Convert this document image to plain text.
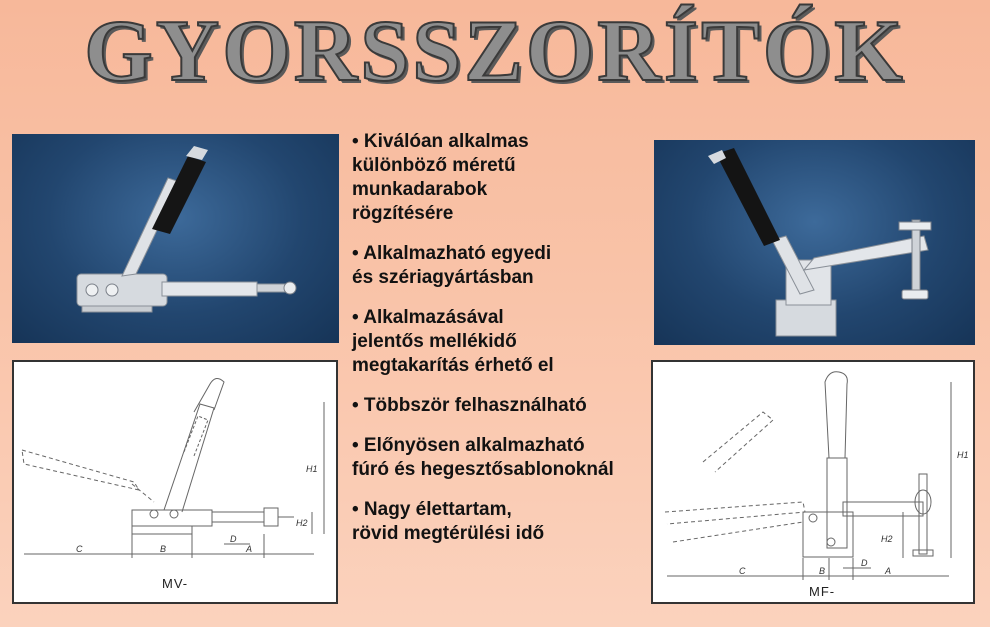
GYORSSZORÍTÓK
H1
H2
C	B
D
A
MV-
H1
H2
C	B
D
A
MF-
• Kiválóan alkalmas
különböző méretű
munkadarabok
rögzítésére
• Alkalmazható egyedi
és szériagyártásban
• Alkalmazásával
jelentős mellékidő
megtakarítás érhető el
• Többször felhasználható
• Előnyösen alkalmazható
fúró és hegesztősablonoknál
• Nagy élettartam,
rövid megtérülési idő
